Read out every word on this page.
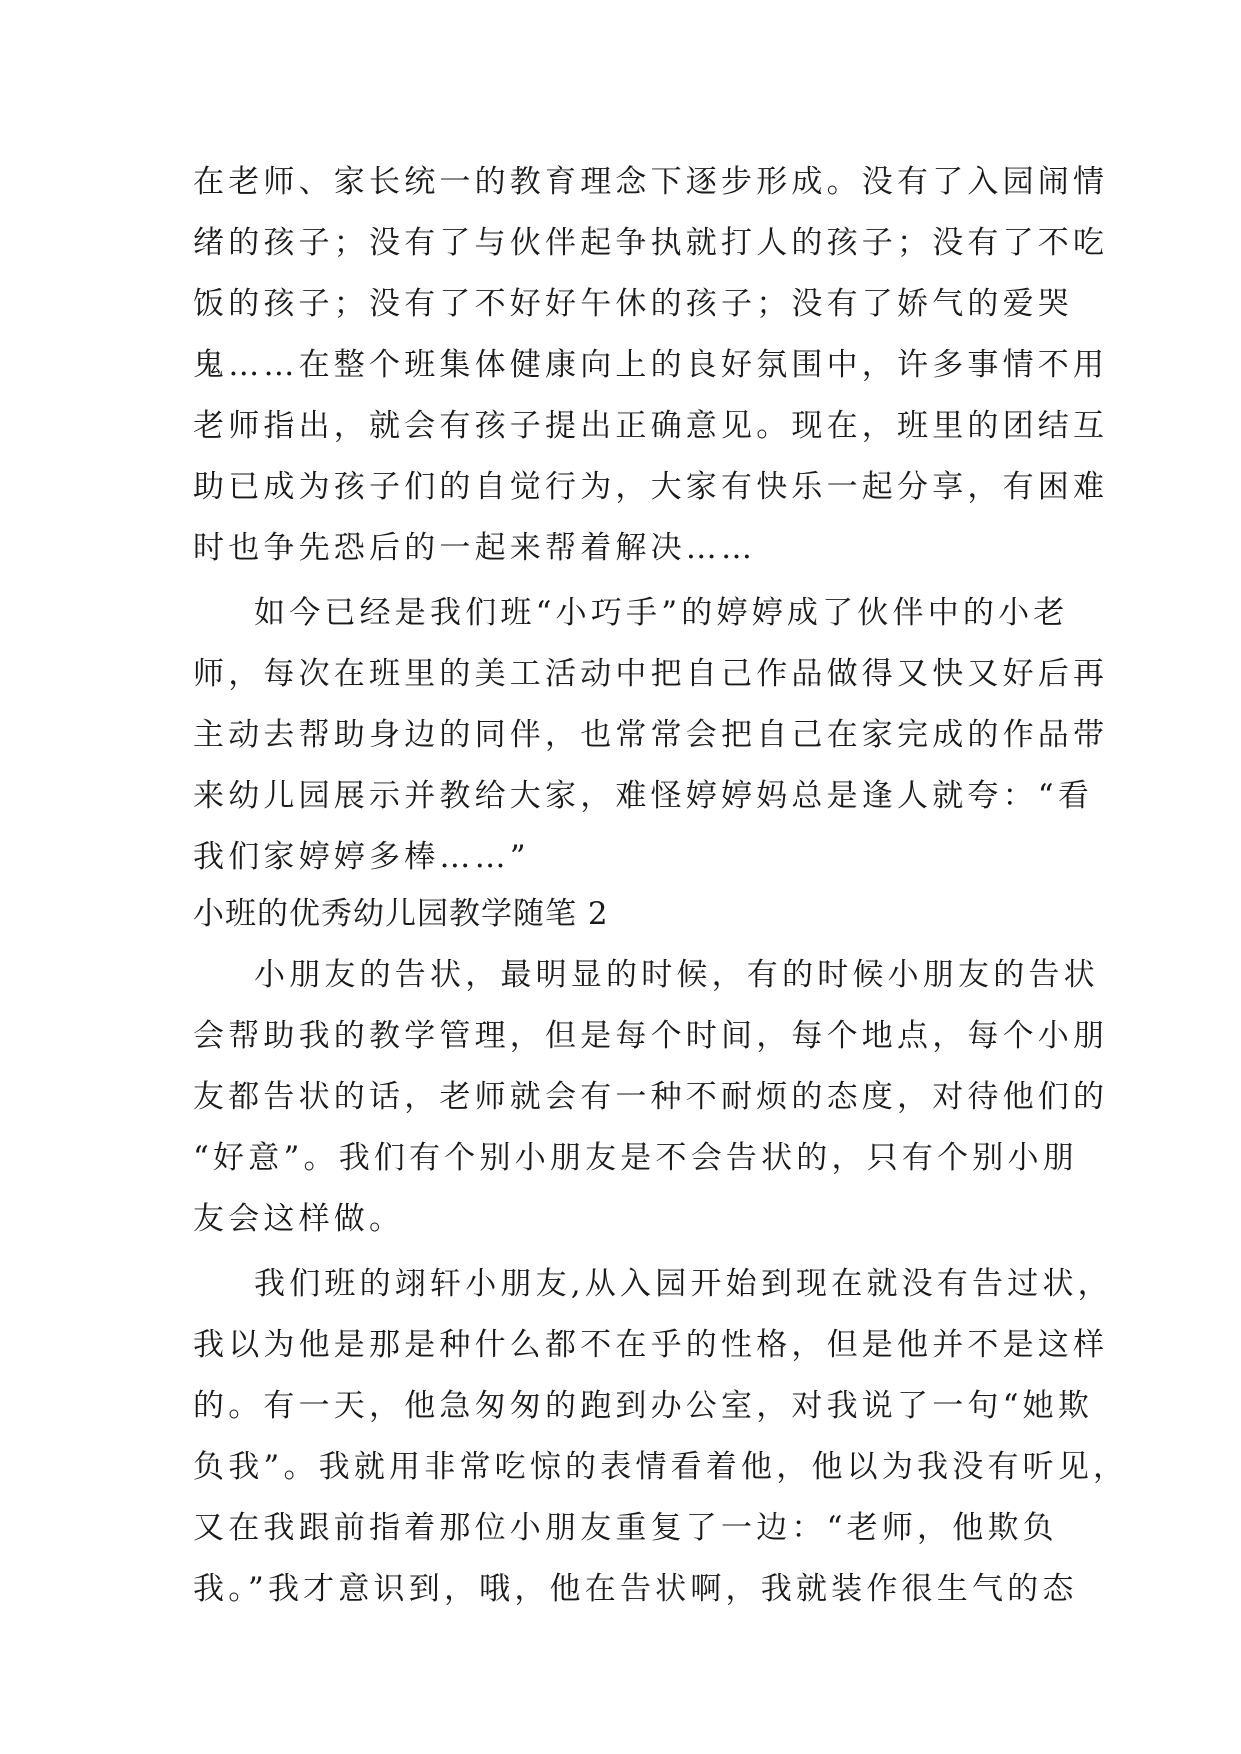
在老师、家长统一的教育理念下逐步形成。没有了入园闹情
绪的孩子；没有了与伙伴起争执就打人的孩子；没有了不吃
饭的孩子；没有了不好好午休的孩子；没有了娇气的爱哭
鬼……在整个班集体健康向上的良好氛围中，许多事情不用
老师指出，就会有孩子提出正确意见。现在，班里的团结互
助已成为孩子们的自觉行为，大家有快乐一起分享，有困难
时也争先恐后的一起来帮着解决……
如今已经是我们班“小巧手”的婷婷成了伙伴中的小老
师，每次在班里的美工活动中把自己作品做得又快又好后再
主动去帮助身边的同伴，也常常会把自己在家完成的作品带
来幼儿园展示并教给大家，难怪婷婷妈总是逢人就夸：“看
我们家婷婷多棒……”
小班的优秀幼儿园教学随笔 2
小朋友的告状，最明显的时候，有的时候小朋友的告状
会帮助我的教学管理，但是每个时间，每个地点，每个小朋
友都告状的话，老师就会有一种不耐烦的态度，对待他们的
“好意”。我们有个别小朋友是不会告状的，只有个别小朋
友会这样做。
我们班的翊轩小朋友,从入园开始到现在就没有告过状，
我以为他是那是种什么都不在乎的性格，但是他并不是这样
的。有一天，他急匆匆的跑到办公室，对我说了一句“她欺
负我”。我就用非常吃惊的表情看着他，他以为我没有听见，
又在我跟前指着那位小朋友重复了一边：“老师，他欺负
我。”我才意识到，哦，他在告状啊，我就装作很生气的态
